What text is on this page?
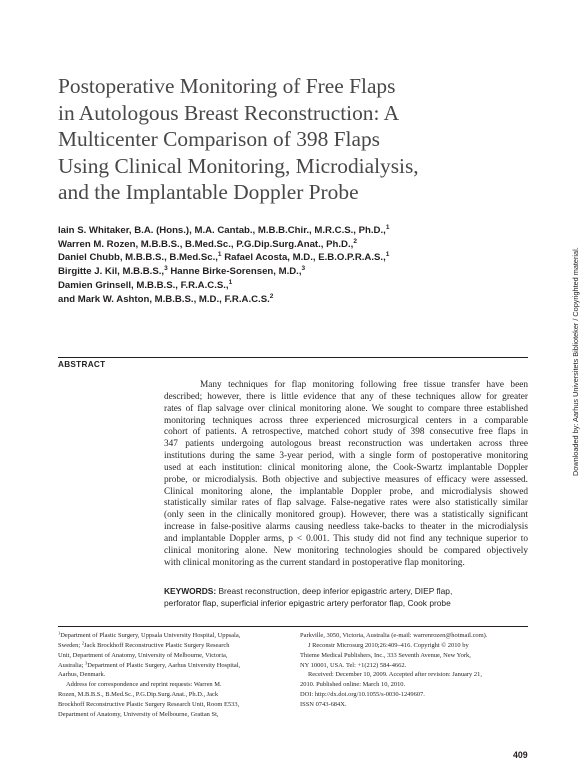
Postoperative Monitoring of Free Flaps
in Autologous Breast Reconstruction: A
Multicenter Comparison of 398 Flaps
Using Clinical Monitoring, Microdialysis,
and the Implantable Doppler Probe
Iain S. Whitaker, B.A. (Hons.), M.A. Cantab., M.B.B.Chir., M.R.C.S., Ph.D.,$^1$
Warren M. Rozen, M.B.B.S., B.Med.Sc., P.G.Dip.Surg.Anat., Ph.D.,$^2$
Daniel Chubb, M.B.B.S., B.Med.Sc.,$^1$ Rafael Acosta, M.D., E.B.O.P.R.A.S.,$^1$
Birgitte J. Kil, M.B.B.S.,$^3$ Hanne Birke-Sorensen, M.D.,$^3$
Damien Grinsell, M.B.B.S., F.R.A.C.S.,$^1$
and Mark W. Ashton, M.B.B.S., M.D., F.R.A.C.S.$^2$	Downloaded by: Aarhus Universitets Biblioteker / Copyrighted material.
ABSTRACT
Many techniques for flap monitoring following free tissue transfer have been
described; however, there is little evidence that any of these techniques allow for greater
rates of flap salvage over clinical monitoring alone. We sought to compare three established
monitoring techniques across three experienced microsurgical centers in a comparable
cohort of patients. A retrospective, matched cohort study of 398 consecutive free flaps in
347 patients undergoing autologous breast reconstruction was undertaken across three
institutions during the same 3-year period, with a single form of postoperative monitoring
used at each institution: clinical monitoring alone, the Cook-Swartz implantable Doppler
probe, or microdialysis. Both objective and subjective measures of efficacy were assessed.
Clinical monitoring alone, the implantable Doppler probe, and microdialysis showed
statistically similar rates of flap salvage. False-negative rates were also statistically similar
(only seen in the clinically monitored group). However, there was a statistically significant
increase in false-positive alarms causing needless take-backs to theater in the microdialysis
and implantable Doppler arms, p < 0.001. This study did not find any technique superior to
clinical monitoring alone. New monitoring technologies should be compared objectively
with clinical monitoring as the current standard in postoperative flap monitoring.
KEYWORDS: Breast reconstruction, deep inferior epigastric artery, DIEP flap,
perforator flap, superficial inferior epigastric artery perforator flap, Cook probe
$^1$Department of Plastic Surgery, Uppsala University Hospital, Uppsala,
Sweden; $^2$Jack Brockhoff Reconstructive Plastic Surgery Research
Unit, Department of Anatomy, University of Melbourne, Victoria,
Australia; $^3$Department of Plastic Surgery, Aarhus University Hospital,
Aarhus, Denmark.
Address for correspondence and reprint requests: Warren M.
Rozen, M.B.B.S., B.Med.Sc., P.G.Dip.Surg.Anat., Ph.D., Jack
Brockhoff Reconstructive Plastic Surgery Research Unit, Room E533,
Department of Anatomy, University of Melbourne, Grattan St,
Parkville, 3050, Victoria, Australia (e-mail: warrenrozen@hotmail.com).
J Reconstr Microsurg 2010;26:409–416. Copyright © 2010 by
Thieme Medical Publishers, Inc., 333 Seventh Avenue, New York,
NY 10001, USA. Tel: +1(212) 584-4662.
Received: December 10, 2009. Accepted after revision: January 21,
2010. Published online: March 10, 2010.
DOI: http://dx.doi.org/10.1055/s-0030-1249607.
ISSN 0743-684X.
409
